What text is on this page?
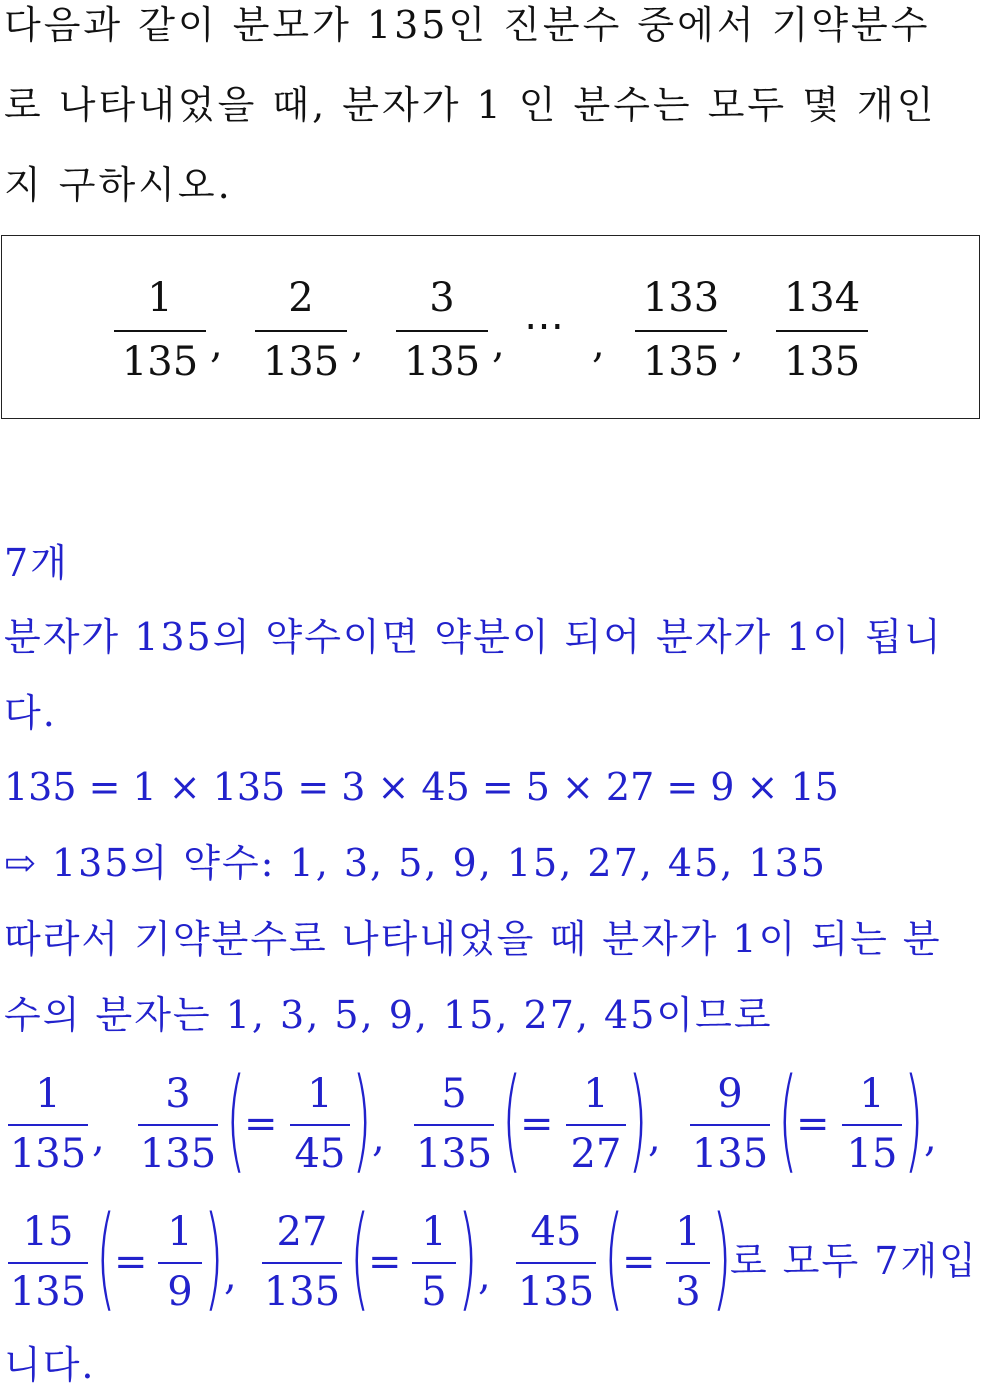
다음과 같이 분모가 135인 진분수 중에서 기약분수
로 나타내었을 때, 분자가 1 인 분수는 모두 몇 개인
지 구하시오.
1
135 ,
2
135 ,
3
135 , ⋯ ,
133
135 ,
134
135
7개
분자가 135의 약수이면 약분이 되어 분자가 1이 됩니
다.
135 = 1 × 135 = 3 × 45 = 5 × 27 = 9 × 15
⇨ 135의 약수: 1, 3, 5, 9, 15, 27, 45, 135
따라서 기약분수로 나타내었을 때 분자가 1이 되는 분
수의 분자는 1, 3, 5, 9, 15, 27, 45이므로
1
135 ,
3
135 (
=
1
45 ) ,
5
135 (
=
1
27 ) ,
9
135 (
=
1
15 ) ,
15
135 (
=
1
9 ) ,
27
135 (
=
1
5 ) ,
45
135 (
=
1
3 )
로 모두 7개입
니다.
